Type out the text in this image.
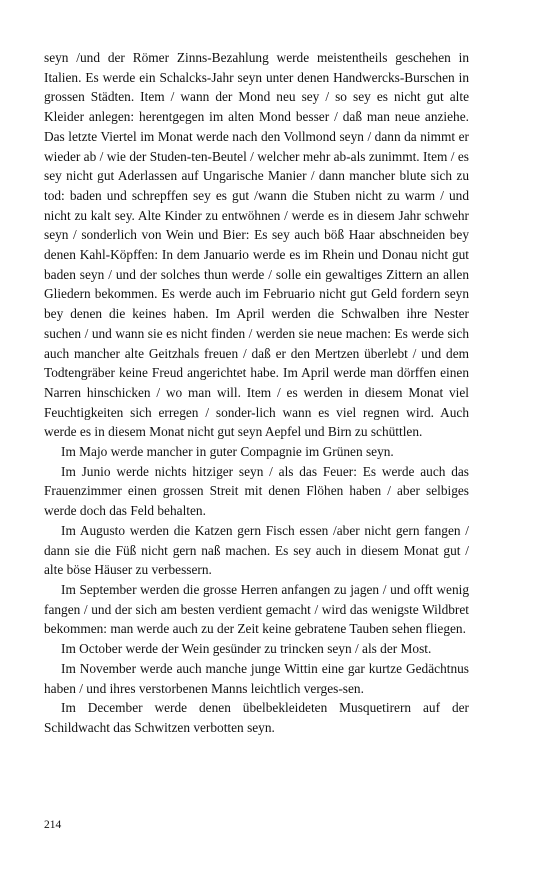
seyn /und der Römer Zinns-Bezahlung werde meistentheils geschehen in Italien. Es werde ein Schalcks-Jahr seyn unter denen Handwercks-Burschen in grossen Städten. Item / wann der Mond neu sey / so sey es nicht gut alte Kleider anlegen: herentgegen im alten Mond besser / daß man neue anziehe. Das letzte Viertel im Monat werde nach den Vollmond seyn / dann da nimmt er wieder ab / wie der Studen-ten-Beutel / welcher mehr ab-als zunimmt. Item / es sey nicht gut Aderlassen auf Ungarische Manier / dann mancher blute sich zu tod: baden und schrepffen sey es gut /wann die Stuben nicht zu warm / und nicht zu kalt sey. Alte Kinder zu entwöhnen / werde es in diesem Jahr schwehr seyn / sonderlich von Wein und Bier: Es sey auch böß Haar abschneiden bey denen Kahl-Köpffen: In dem Januario werde es im Rhein und Donau nicht gut baden seyn / und der solches thun werde / solle ein gewaltiges Zittern an allen Gliedern bekommen. Es werde auch im Februario nicht gut Geld fordern seyn bey denen die keines haben. Im April werden die Schwalben ihre Nester suchen / und wann sie es nicht finden / werden sie neue machen: Es werde sich auch mancher alte Geitzhals freuen / daß er den Mertzen überlebt / und dem Todtengräber keine Freud angerichtet habe. Im April werde man dörffen einen Narren hinschicken / wo man will. Item / es werden in diesem Monat viel Feuchtigkeiten sich erregen / sonder-lich wann es viel regnen wird. Auch werde es in diesem Monat nicht gut seyn Aepfel und Birn zu schüttlen.

Im Majo werde mancher in guter Compagnie im Grünen seyn.

Im Junio werde nichts hitziger seyn / als das Feuer: Es werde auch das Frauenzimmer einen grossen Streit mit denen Flöhen haben / aber selbiges werde doch das Feld behalten.

Im Augusto werden die Katzen gern Fisch essen /aber nicht gern fangen / dann sie die Füß nicht gern naß machen. Es sey auch in diesem Monat gut / alte böse Häuser zu verbessern.

Im September werden die grosse Herren anfangen zu jagen / und offt wenig fangen / und der sich am besten verdient gemacht / wird das wenigste Wildbret bekommen: man werde auch zu der Zeit keine gebratene Tauben sehen fliegen.

Im October werde der Wein gesünder zu trincken seyn / als der Most.

Im November werde auch manche junge Wittin eine gar kurtze Gedächtnus haben / und ihres verstorbenen Manns leichtlich verges-sen.

Im December werde denen übelbekleideten Musquetirern auf der Schildwacht das Schwitzen verbotten seyn.

214
